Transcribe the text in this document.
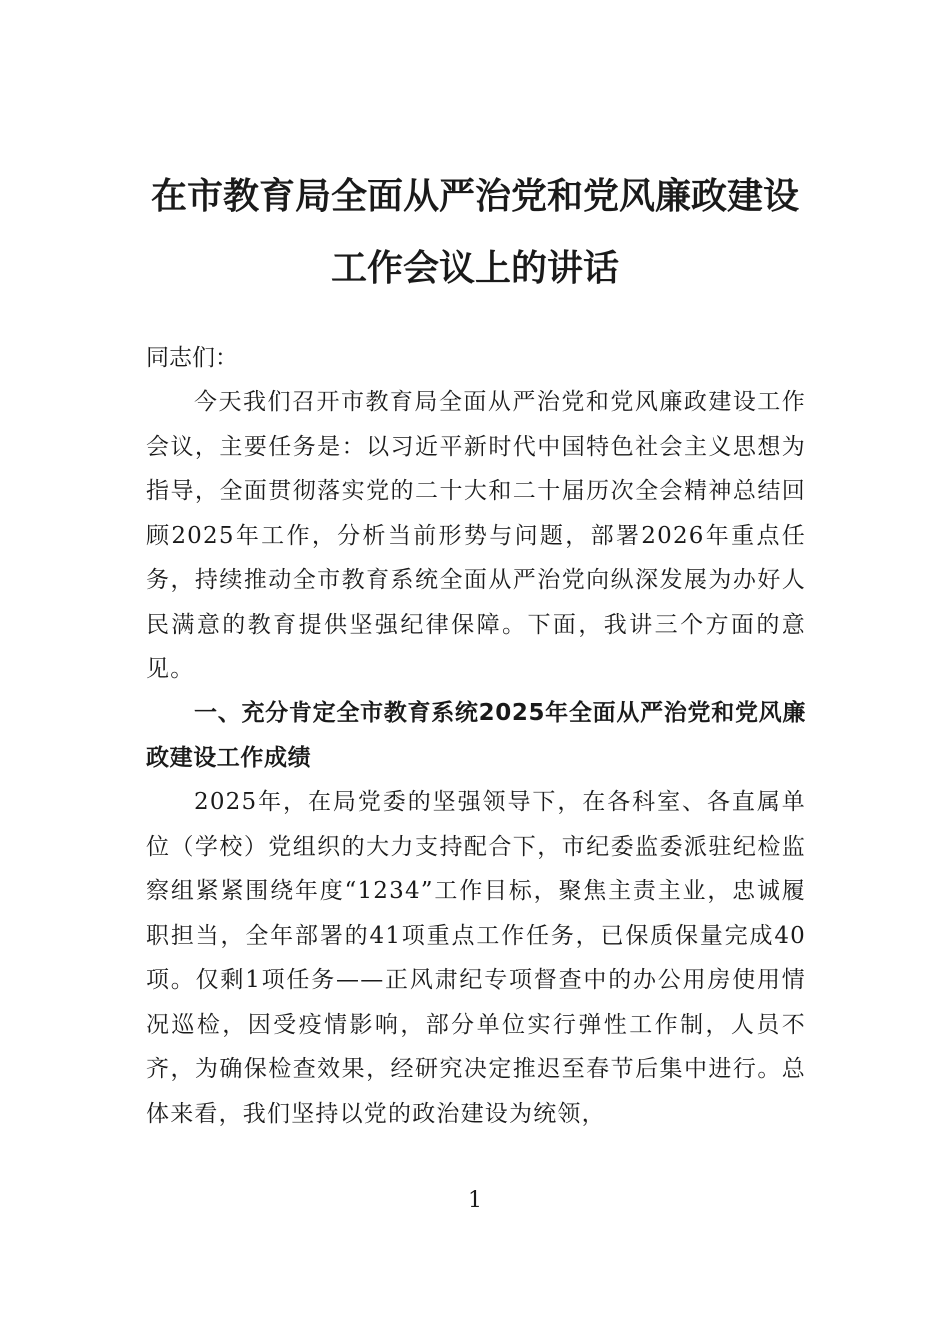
在市教育局全面从严治党和党风廉政建设
工作会议上的讲话
同志们：
今天我们召开市教育局全面从严治党和党风廉政建设工作会议，主要任务是：以习近平新时代中国特色社会主义思想为指导，全面贯彻落实党的二十大和二十届历次全会精神总结回顾2025年工作，分析当前形势与问题，部署2026年重点任务，持续推动全市教育系统全面从严治党向纵深发展为办好人民满意的教育提供坚强纪律保障。下面，我讲三个方面的意见。
一、充分肯定全市教育系统2025年全面从严治党和党风廉政建设工作成绩
2025年，在局党委的坚强领导下，在各科室、各直属单位（学校）党组织的大力支持配合下，市纪委监委派驻纪检监察组紧紧围绕年度“1234”工作目标，聚焦主责主业，忠诚履职担当，全年部署的41项重点工作任务，已保质保量完成40项。仅剩1项任务——正风肃纪专项督查中的办公用房使用情况巡检，因受疫情影响，部分单位实行弹性工作制，人员不齐，为确保检查效果，经研究决定推迟至春节后集中进行。总体来看，我们坚持以党的政治建设为统领，
1
